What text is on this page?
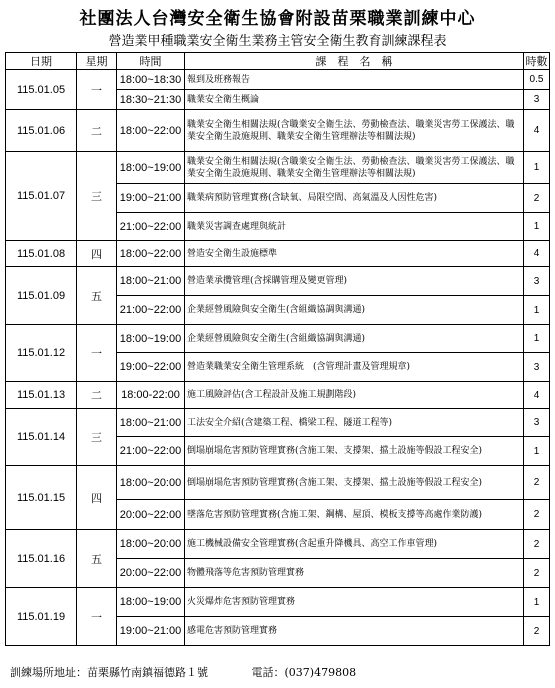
社團法人台灣安全衛生協會附設苗栗職業訓練中心
營造業甲種職業安全衛生業務主管安全衛生教育訓練課程表
日期	星期	時間	課　程　名　稱	時數
115.01.05	一	18:00~18:30	報到及班務報告	0.5
		18:30~21:30	職業安全衛生概論	3
115.01.06	二	18:00~22:00	職業安全衛生相關法規(含職業安全衛生法、勞動檢查法、職業災害勞工保護法、職業安全衛生設施規則、職業安全衛生管理辦法等相關法規)	4
115.01.07	三	18:00~19:00	職業安全衛生相關法規(含職業安全衛生法、勞動檢查法、職業災害勞工保護法、職業安全衛生設施規則、職業安全衛生管理辦法等相關法規)	1
		19:00~21:00	職業病預防管理實務(含缺氧、局限空間、高氣溫及人因性危害)	2
		21:00~22:00	職業災害調查處理與統計	1
115.01.08	四	18:00~22:00	營造安全衛生設施標準	4
115.01.09	五	18:00~21:00	營造業承攬管理(含採購管理及變更管理)	3
		21:00~22:00	企業經營風險與安全衛生(含組織協調與溝通)	1
115.01.12	一	18:00~19:00	企業經營風險與安全衛生(含組織協調與溝通)	1
		19:00~22:00	營造業職業安全衛生管理系統　(含管理計畫及管理規章)	3
115.01.13	二	18:00-22:00	施工風險評估(含工程設計及施工規劃階段)	4
115.01.14	三	18:00~21:00	工法安全介紹(含建築工程、橋梁工程、隧道工程等)	3
		21:00~22:00	倒塌崩塌危害預防管理實務(含施工架、支撐架、擋土設施等假設工程安全)	1
115.01.15	四	18:00~20:00	倒塌崩塌危害預防管理實務(含施工架、支撐架、擋土設施等假設工程安全)	2
		20:00~22:00	墜落危害預防管理實務(含施工架、鋼構、屋頂、模板支撐等高處作業防護)	2
115.01.16	五	18:00~20:00	施工機械設備安全管理實務(含起重升降機具、高空工作車管理)	2
		20:00~22:00	物體飛落等危害預防管理實務	2
115.01.19	一	18:00~19:00	火災爆炸危害預防管理實務	1
		19:00~21:00	感電危害預防管理實務	2
訓練場所地址：苗栗縣竹南鎮福德路１號	電話：(037)479808
